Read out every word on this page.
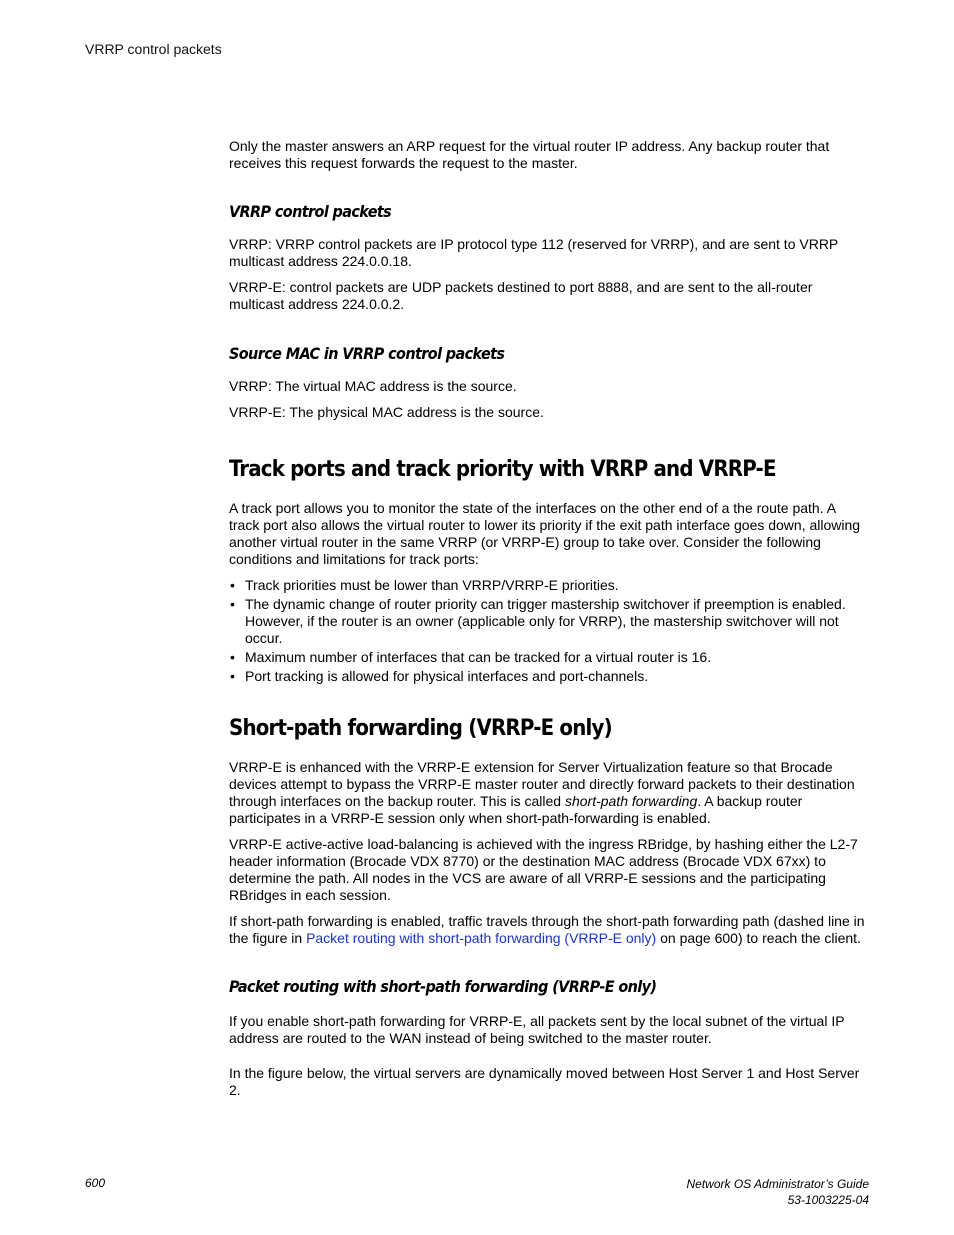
VRRP control packets

Only the master answers an ARP request for the virtual router IP address. Any backup router that receives this request forwards the request to the master.

VRRP control packets

VRRP: VRRP control packets are IP protocol type 112 (reserved for VRRP), and are sent to VRRP multicast address 224.0.0.18.

VRRP-E: control packets are UDP packets destined to port 8888, and are sent to the all-router multicast address 224.0.0.2.

Source MAC in VRRP control packets

VRRP: The virtual MAC address is the source.

VRRP-E: The physical MAC address is the source.

Track ports and track priority with VRRP and VRRP-E

A track port allows you to monitor the state of the interfaces on the other end of a the route path. A track port also allows the virtual router to lower its priority if the exit path interface goes down, allowing another virtual router in the same VRRP (or VRRP-E) group to take over. Consider the following conditions and limitations for track ports:

• Track priorities must be lower than VRRP/VRRP-E priorities.
• The dynamic change of router priority can trigger mastership switchover if preemption is enabled. However, if the router is an owner (applicable only for VRRP), the mastership switchover will not occur.
• Maximum number of interfaces that can be tracked for a virtual router is 16.
• Port tracking is allowed for physical interfaces and port-channels.
Short-path forwarding (VRRP-E only)

VRRP-E is enhanced with the VRRP-E extension for Server Virtualization feature so that Brocade devices attempt to bypass the VRRP-E master router and directly forward packets to their destination through interfaces on the backup router. This is called short-path forwarding. A backup router participates in a VRRP-E session only when short-path-forwarding is enabled.

VRRP-E active-active load-balancing is achieved with the ingress RBridge, by hashing either the L2-7 header information (Brocade VDX 8770) or the destination MAC address (Brocade VDX 67xx) to determine the path. All nodes in the VCS are aware of all VRRP-E sessions and the participating RBridges in each session.

If short-path forwarding is enabled, traffic travels through the short-path forwarding path (dashed line in the figure in Packet routing with short-path forwarding (VRRP-E only) on page 600) to reach the client.

Packet routing with short-path forwarding (VRRP-E only)

If you enable short-path forwarding for VRRP-E, all packets sent by the local subnet of the virtual IP address are routed to the WAN instead of being switched to the master router.

In the figure below, the virtual servers are dynamically moved between Host Server 1 and Host Server 2.

600	Network OS Administrator’s Guide
53-1003225-04
